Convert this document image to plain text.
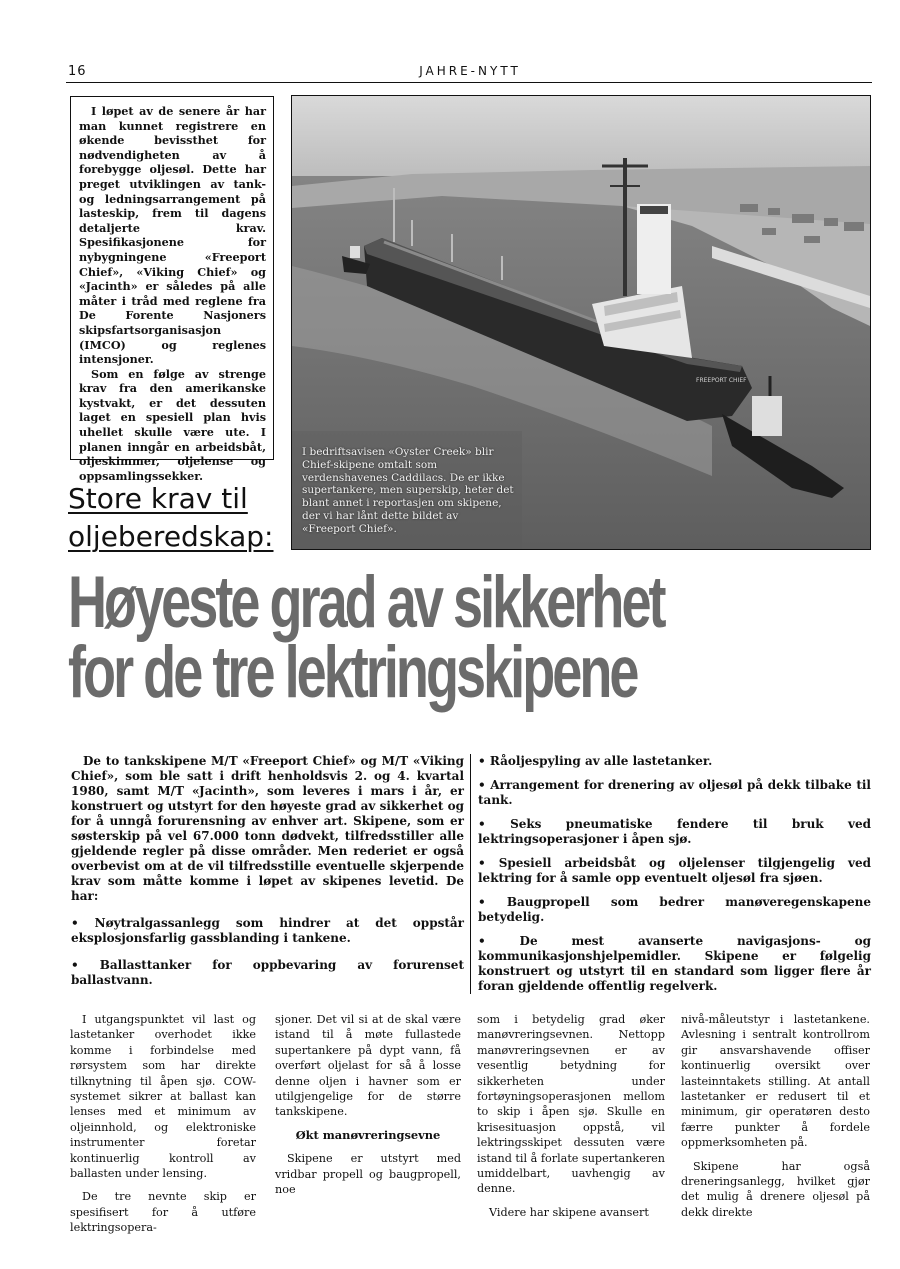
16	JAHRE-NYTT

I løpet av de senere år har man kunnet registrere en økende bevissthet for nødvendigheten av å forebygge oljesøl. Dette har preget utviklingen av tank- og ledningsarrangement på lasteskip, frem til dagens detaljerte krav. Spesifikasjonene for nybygningene «Freeport Chief», «Viking Chief» og «Jacinth» er således på alle måter i tråd med reglene fra De Forente Nasjoners skipsfartsorganisasjon (IMCO) og reglenes intensjoner.

Som en følge av strenge krav fra den amerikanske kystvakt, er det dessuten laget en spesiell plan hvis uhellet skulle være ute. I planen inngår en arbeidsbåt, oljeskimmer, oljelense og oppsamlingssekker.

Store krav til
oljeberedskap:
FREEPORT CHIEF
I bedriftsavisen «Oyster Creek» blir Chief-skipene omtalt som verdenshavenes Caddilacs. De er ikke supertankere, men superskip, heter det blant annet i reportasjen om skipene, der vi har lånt dette bildet av «Freeport Chief».
Høyeste grad av sikkerhet
for de tre lektringskipene

De to tankskipene M/T «Freeport Chief» og M/T «Viking Chief», som ble satt i drift henholdsvis 2. og 4. kvartal 1980, samt M/T «Jacinth», som leveres i mars i år, er konstruert og utstyrt for den høyeste grad av sikkerhet og for å unngå forurensning av enhver art. Skipene, som er søsterskip på vel 67.000 tonn dødvekt, tilfredsstiller alle gjeldende regler på disse områder. Men rederiet er også overbevist om at de vil tilfredsstille eventuelle skjerpende krav som måtte komme i løpet av skipenes levetid. De har:

• Nøytralgassanlegg som hindrer at det oppstår eksplosjonsfarlig gassblanding i tankene.

• Ballasttanker for oppbevaring av forurenset ballastvann.

• Råoljespyling av alle lastetanker.

• Arrangement for drenering av oljesøl på dekk tilbake til tank.

• Seks pneumatiske fendere til bruk ved lektringsoperasjoner i åpen sjø.

• Spesiell arbeidsbåt og oljelenser tilgjengelig ved lektring for å samle opp eventuelt oljesøl fra sjøen.

• Baugpropell som bedrer manøveregenskapene betydelig.

• De mest avanserte navigasjons- og kommunikasjonshjelpemidler. Skipene er følgelig konstruert og utstyrt til en standard som ligger flere år foran gjeldende offentlig regelverk.

I utgangspunktet vil last og lastetanker overhodet ikke komme i forbindelse med rørsystem som har direkte tilknytning til åpen sjø. COW-systemet sikrer at ballast kan lenses med et minimum av oljeinnhold, og elektroniske instrumenter foretar kontinuerlig kontroll av ballasten under lensing.

De tre nevnte skip er spesifisert for å utføre lektringsopera-

sjoner. Det vil si at de skal være istand til å møte fullastede supertankere på dypt vann, få overført oljelast for så å losse denne oljen i havner som er utilgjengelige for de større tankskipene.

Økt manøvreringsevne

Skipene er utstyrt med vridbar propell og baugpropell, noe

som i betydelig grad øker manøvreringsevnen. Nettopp manøvreringsevnen er av vesentlig betydning for sikkerheten under fortøyningsoperasjonen mellom to skip i åpen sjø. Skulle en krisesituasjon oppstå, vil lektringsskipet dessuten være istand til å forlate supertankeren umiddelbart, uavhengig av denne.

Videre har skipene avansert

nivå-måleutstyr i lastetankene. Avlesning i sentralt kontrollrom gir ansvarshavende offiser kontinuerlig oversikt over lasteinntakets stilling. At antall lastetanker er redusert til et minimum, gir operatøren desto færre punkter å fordele oppmerksomheten på.

Skipene har også dreneringsanlegg, hvilket gjør det mulig å drenere oljesøl på dekk direkte
